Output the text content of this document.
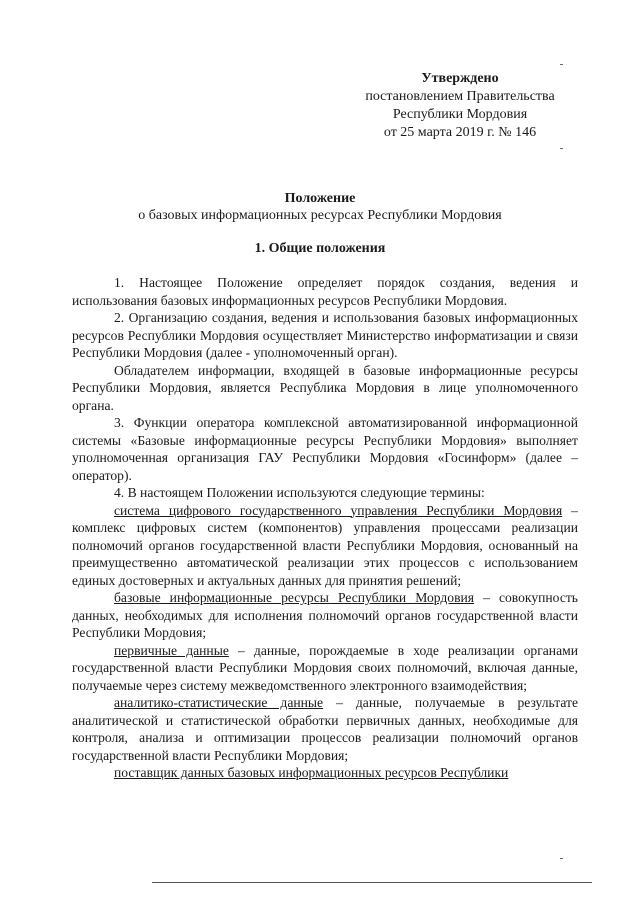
Утверждено
постановлением Правительства
Республики Мордовия
от 25 марта 2019 г. № 146
Положение
о базовых информационных ресурсах Республики Мордовия
1. Общие положения

1. Настоящее Положение определяет порядок создания, ведения и использования базовых информационных ресурсов Республики Мордовия.

2. Организацию создания, ведения и использования базовых информационных ресурсов Республики Мордовия осуществляет Министерство информатизации и связи Республики Мордовия (далее - уполномоченный орган).

Обладателем информации, входящей в базовые информационные ресурсы Республики Мордовия, является Республика Мордовия в лице уполномоченного органа.

3. Функции оператора комплексной автоматизированной информационной системы «Базовые информационные ресурсы Республики Мордовия» выполняет уполномоченная организация ГАУ Республики Мордовия «Госинформ» (далее – оператор).

4. В настоящем Положении используются следующие термины:

система цифрового государственного управления Республики Мордовия – комплекс цифровых систем (компонентов) управления процессами реализации полномочий органов государственной власти Республики Мордовия, основанный на преимущественно автоматической реализации этих процессов с использованием единых достоверных и актуальных данных для принятия решений;

базовые информационные ресурсы Республики Мордовия – совокупность данных, необходимых для исполнения полномочий органов государственной власти Республики Мордовия;

первичные данные – данные, порождаемые в ходе реализации органами государственной власти Республики Мордовия своих полномочий, включая данные, получаемые через систему межведомственного электронного взаимодействия;

аналитико-статистические данные – данные, получаемые в результате аналитической и статистической обработки первичных данных, необходимые для контроля, анализа и оптимизации процессов реализации полномочий органов государственной власти Республики Мордовия;

поставщик данных базовых информационных ресурсов Республики
